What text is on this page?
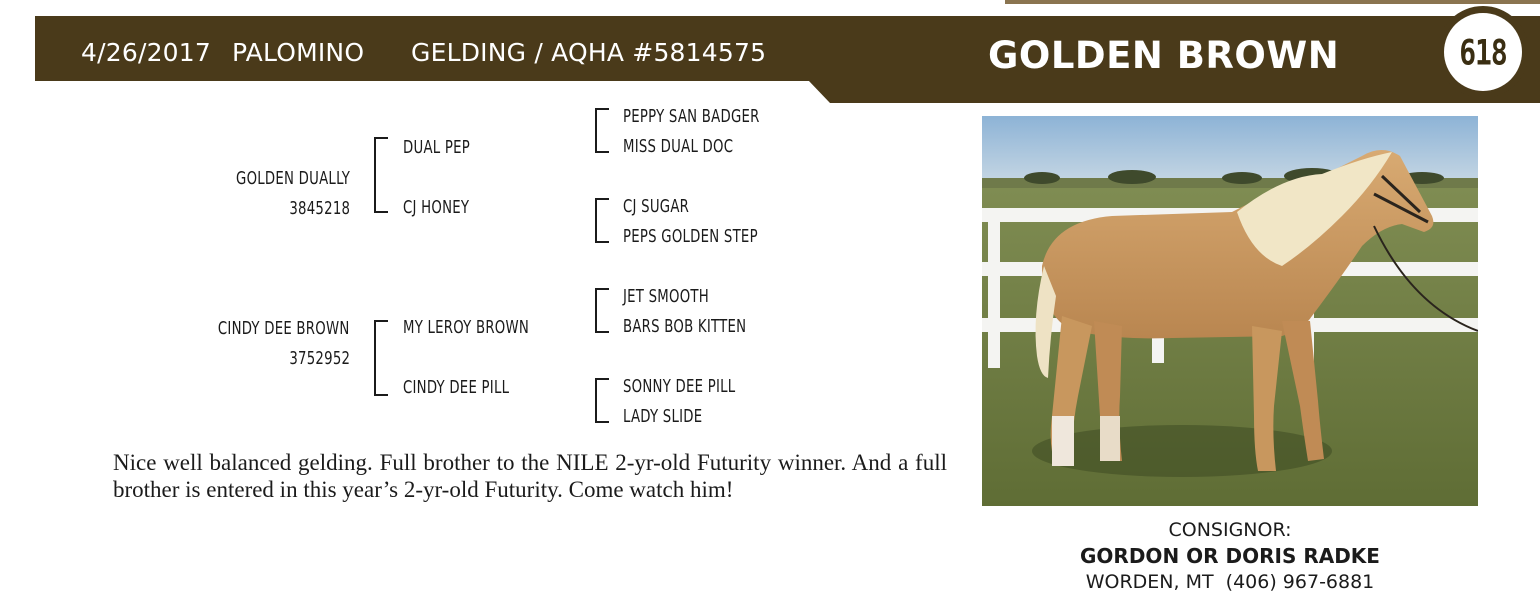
4/26/2017 PALOMINO GELDING / AQHA #5814575	GOLDEN BROWN	618
GOLDEN DUALLY
3845218
DUAL PEP
CJ HONEY
PEPPY SAN BADGER
MISS DUAL DOC
CJ SUGAR
PEPS GOLDEN STEP
CINDY DEE BROWN
3752952
MY LEROY BROWN
CINDY DEE PILL
JET SMOOTH
BARS BOB KITTEN
SONNY DEE PILL
LADY SLIDE

Nice well balanced gelding. Full brother to the NILE 2-yr-old Futurity winner. And a full brother is entered in this year’s 2-yr-old Futurity. Come watch him!

CONSIGNOR:
GORDON OR DORIS RADKE
WORDEN, MT  (406) 967-6881
